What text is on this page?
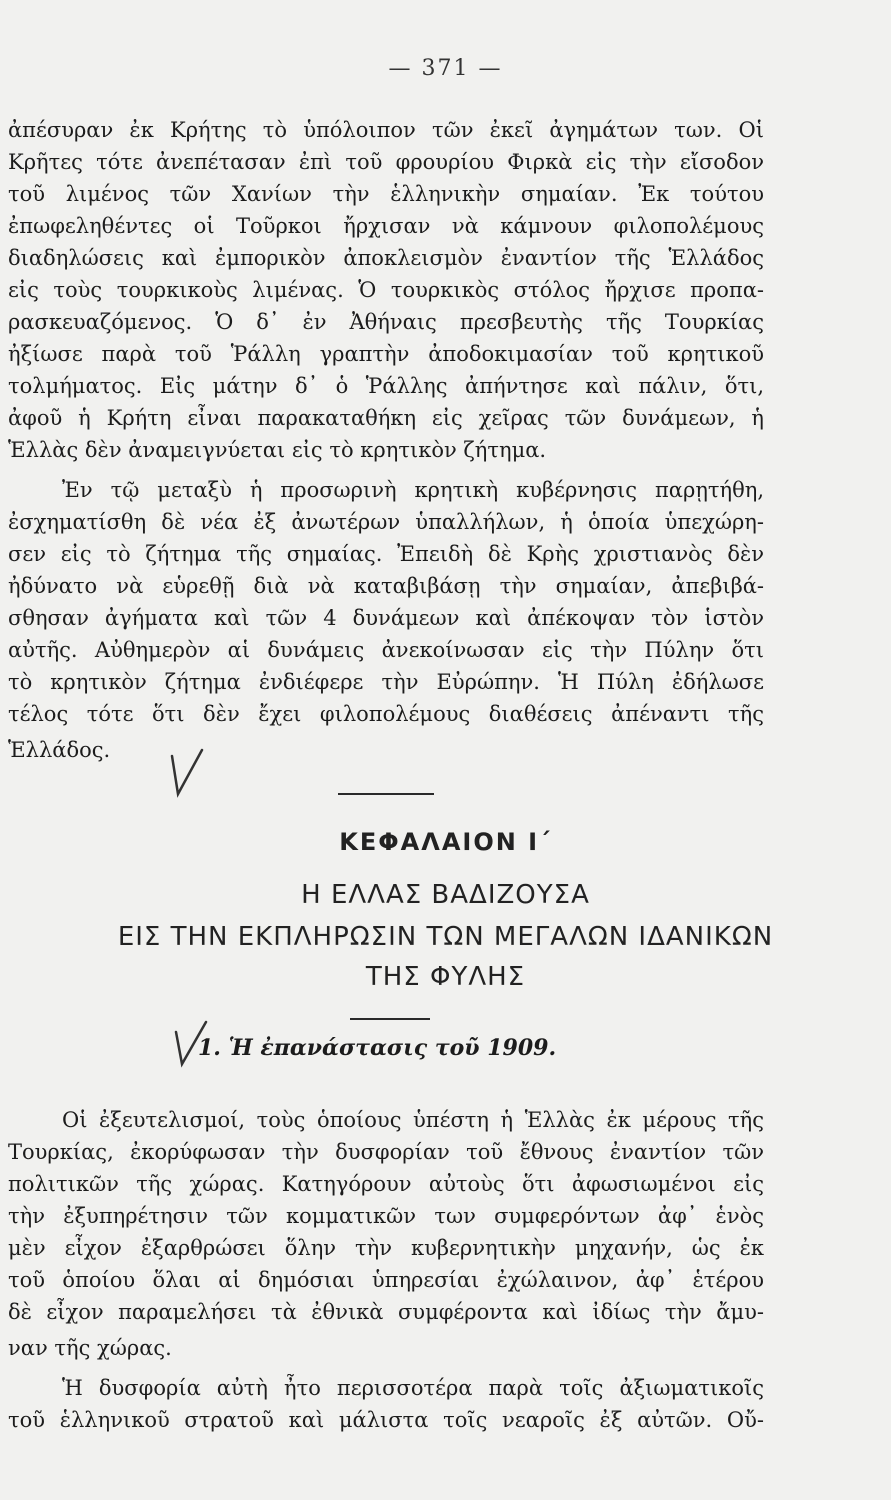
— 371 —
ἀπέσυραν ἐκ Κρήτης τὸ ὑπόλοιπον τῶν ἐκεῖ ἀγημάτων των. Οἱ
Κρῆτες τότε ἀνεπέτασαν ἐπὶ τοῦ φρουρίου Φιρκὰ εἰς τὴν εἴσοδον
τοῦ λιμένος τῶν Χανίων τὴν ἑλληνικὴν σημαίαν. Ἐκ τούτου
ἐπωφεληθέντες οἱ Τοῦρκοι ἤρχισαν νὰ κάμνουν φιλοπολέμους
διαδηλώσεις καὶ ἐμπορικὸν ἀποκλεισμὸν ἐναντίον τῆς Ἑλλάδος
εἰς τοὺς τουρκικοὺς λιμένας. Ὁ τουρκικὸς στόλος ἤρχισε προπα-
ρασκευαζόμενος. Ὁ δ᾽ ἐν Ἀθήναις πρεσβευτὴς τῆς Τουρκίας
ἠξίωσε παρὰ τοῦ Ῥάλλη γραπτὴν ἀποδοκιμασίαν τοῦ κρητικοῦ
τολμήματος. Εἰς μάτην δ᾽ ὁ Ῥάλλης ἀπήντησε καὶ πάλιν, ὅτι,
ἀφοῦ ἡ Κρήτη εἶναι παρακαταθήκη εἰς χεῖρας τῶν δυνάμεων, ἡ
Ἑλλὰς δὲν ἀναμειγνύεται εἰς τὸ κρητικὸν ζήτημα.
Ἐν τῷ μεταξὺ ἡ προσωρινὴ κρητικὴ κυβέρνησις παρῃτήθη,
ἐσχηματίσθη δὲ νέα ἐξ ἀνωτέρων ὑπαλλήλων, ἡ ὁποία ὑπεχώρη-
σεν εἰς τὸ ζήτημα τῆς σημαίας. Ἐπειδὴ δὲ Κρὴς χριστιανὸς δὲν
ἠδύνατο νὰ εὑρεθῇ διὰ νὰ καταβιβάσῃ τὴν σημαίαν, ἀπεβιβά-
σθησαν ἀγήματα καὶ τῶν 4 δυνάμεων καὶ ἀπέκοψαν τὸν ἱστὸν
αὐτῆς. Αὐθημερὸν αἱ δυνάμεις ἀνεκοίνωσαν εἰς τὴν Πύλην ὅτι
τὸ κρητικὸν ζήτημα ἐνδιέφερε τὴν Εὐρώπην. Ἡ Πύλη ἐδήλωσε
τέλος τότε ὅτι δὲν ἔχει φιλοπολέμους διαθέσεις ἀπέναντι τῆς
Ἑλλάδος.
ΚΕΦΑΛΑΙΟΝ Ι΄
Η ΕΛΛΑΣ ΒΑΔΙΖΟΥΣΑ
ΕΙΣ ΤΗΝ ΕΚΠΛΗΡΩΣΙΝ ΤΩΝ ΜΕΓΑΛΩΝ ΙΔΑΝΙΚΩΝ
ΤΗΣ ΦΥΛΗΣ
1. Ἡ ἐπανάστασις τοῦ 1909.
Οἱ ἐξευτελισμοί, τοὺς ὁποίους ὑπέστη ἡ Ἑλλὰς ἐκ μέρους τῆς
Τουρκίας, ἐκορύφωσαν τὴν δυσφορίαν τοῦ ἔθνους ἐναντίον τῶν
πολιτικῶν τῆς χώρας. Κατηγόρουν αὐτοὺς ὅτι ἀφωσιωμένοι εἰς
τὴν ἐξυπηρέτησιν τῶν κομματικῶν των συμφερόντων ἀφ᾽ ἑνὸς
μὲν εἶχον ἐξαρθρώσει ὅλην τὴν κυβερνητικὴν μηχανήν, ὡς ἐκ
τοῦ ὁποίου ὅλαι αἱ δημόσιαι ὑπηρεσίαι ἐχώλαινον, ἀφ᾽ ἑτέρου
δὲ εἶχον παραμελήσει τὰ ἐθνικὰ συμφέροντα καὶ ἰδίως τὴν ἄμυ-
ναν τῆς χώρας.
Ἡ δυσφορία αὐτὴ ἦτο περισσοτέρα παρὰ τοῖς ἀξιωματικοῖς
τοῦ ἑλληνικοῦ στρατοῦ καὶ μάλιστα τοῖς νεαροῖς ἐξ αὐτῶν. Οὔ-
